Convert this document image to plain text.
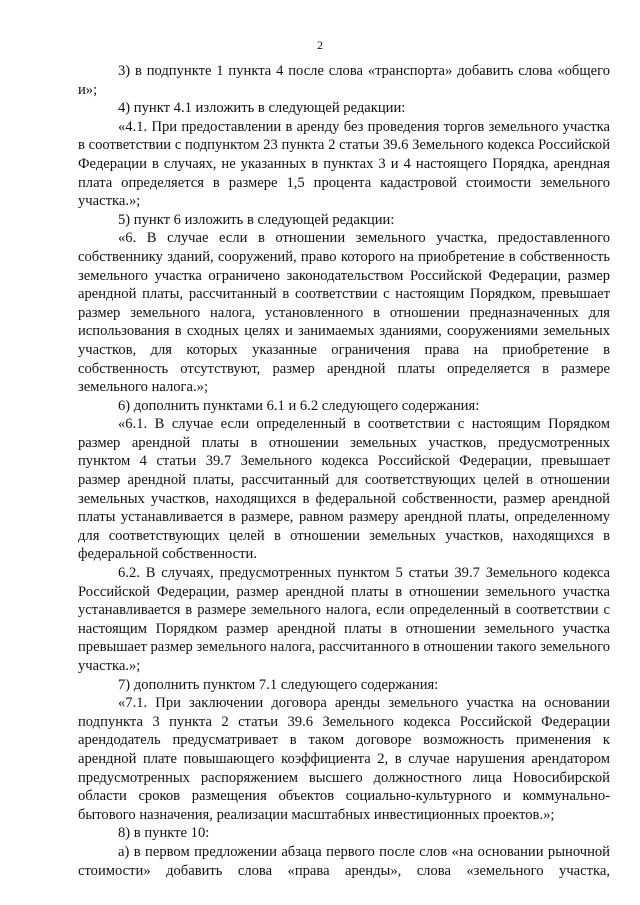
2

3) в подпункте 1 пункта 4 после слова «транспорта» добавить слова «общего и»;

4) пункт 4.1 изложить в следующей редакции:

«4.1. При предоставлении в аренду без проведения торгов земельного участка в соответствии с подпунктом 23 пункта 2 статьи 39.6 Земельного кодекса Российской Федерации в случаях, не указанных в пунктах 3 и 4 настоящего Порядка, арендная плата определяется в размере 1,5 процента кадастровой стоимости земельного участка.»;

5) пункт 6 изложить в следующей редакции:

«6. В случае если в отношении земельного участка, предоставленного собственнику зданий, сооружений, право которого на приобретение в собственность земельного участка ограничено законодательством Российской Федерации, размер арендной платы, рассчитанный в соответствии с настоящим Порядком, превышает размер земельного налога, установленного в отношении предназначенных для использования в сходных целях и занимаемых зданиями, сооружениями земельных участков, для которых указанные ограничения права на приобретение в собственность отсутствуют, размер арендной платы определяется в размере земельного налога.»;

6) дополнить пунктами 6.1 и 6.2 следующего содержания:

«6.1. В случае если определенный в соответствии с настоящим Порядком размер арендной платы в отношении земельных участков, предусмотренных пунктом 4 статьи 39.7 Земельного кодекса Российской Федерации, превышает размер арендной платы, рассчитанный для соответствующих целей в отношении земельных участков, находящихся в федеральной собственности, размер арендной платы устанавливается в размере, равном размеру арендной платы, определенному для соответствующих целей в отношении земельных участков, находящихся в федеральной собственности.

6.2. В случаях, предусмотренных пунктом 5 статьи 39.7 Земельного кодекса Российской Федерации, размер арендной платы в отношении земельного участка устанавливается в размере земельного налога, если определенный в соответствии с настоящим Порядком размер арендной платы в отношении земельного участка превышает размер земельного налога, рассчитанного в отношении такого земельного участка.»;

7) дополнить пунктом 7.1 следующего содержания:

«7.1. При заключении договора аренды земельного участка на основании подпункта 3 пункта 2 статьи 39.6 Земельного кодекса Российской Федерации арендодатель предусматривает в таком договоре возможность применения к арендной плате повышающего коэффициента 2, в случае нарушения арендатором предусмотренных распоряжением высшего должностного лица Новосибирской области сроков размещения объектов социально-культурного и коммунально-бытового назначения, реализации масштабных инвестиционных проектов.»;

8) в пункте 10:

а) в первом предложении абзаца первого после слов «на основании рыночной стоимости» добавить слова «права аренды», слова «земельного участка,
